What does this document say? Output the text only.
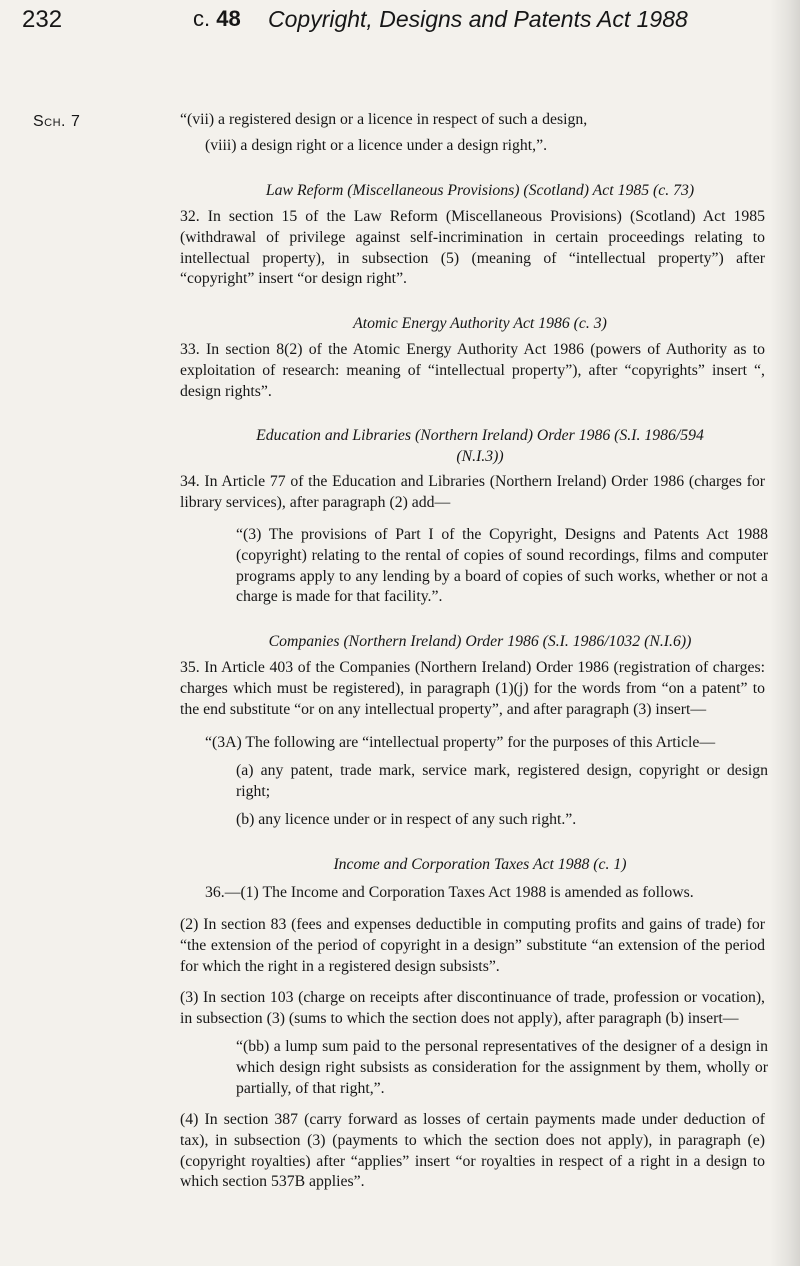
232	c. 48 Copyright, Designs and Patents Act 1988
Sch. 7	“(vii) a registered design or a licence in respect of such a design,

(viii) a design right or a licence under a design right,”.

Law Reform (Miscellaneous Provisions) (Scotland) Act 1985 (c. 73)

32. In section 15 of the Law Reform (Miscellaneous Provisions) (Scotland) Act 1985 (withdrawal of privilege against self-incrimination in certain proceedings relating to intellectual property), in subsection (5) (meaning of “intellectual property”) after “copyright” insert “or design right”.

Atomic Energy Authority Act 1986 (c. 3)

33. In section 8(2) of the Atomic Energy Authority Act 1986 (powers of Authority as to exploitation of research: meaning of “intellectual property”), after “copyrights” insert “, design rights”.

Education and Libraries (Northern Ireland) Order 1986 (S.I. 1986/594

(N.I.3))

34. In Article 77 of the Education and Libraries (Northern Ireland) Order 1986 (charges for library services), after paragraph (2) add—

“(3) The provisions of Part I of the Copyright, Designs and Patents Act 1988 (copyright) relating to the rental of copies of sound recordings, films and computer programs apply to any lending by a board of copies of such works, whether or not a charge is made for that facility.”.

Companies (Northern Ireland) Order 1986 (S.I. 1986/1032 (N.I.6))

35. In Article 403 of the Companies (Northern Ireland) Order 1986 (registration of charges: charges which must be registered), in paragraph (1)(j) for the words from “on a patent” to the end substitute “or on any intellectual property”, and after paragraph (3) insert—

“(3A) The following are “intellectual property” for the purposes of this Article—

(a) any patent, trade mark, service mark, registered design, copyright or design right;

(b) any licence under or in respect of any such right.”.

Income and Corporation Taxes Act 1988 (c. 1)

36.—(1) The Income and Corporation Taxes Act 1988 is amended as follows.

(2) In section 83 (fees and expenses deductible in computing profits and gains of trade) for “the extension of the period of copyright in a design” substitute “an extension of the period for which the right in a registered design subsists”.

(3) In section 103 (charge on receipts after discontinuance of trade, profession or vocation), in subsection (3) (sums to which the section does not apply), after paragraph (b) insert—

“(bb) a lump sum paid to the personal representatives of the designer of a design in which design right subsists as consideration for the assignment by them, wholly or partially, of that right,”.

(4) In section 387 (carry forward as losses of certain payments made under deduction of tax), in subsection (3) (payments to which the section does not apply), in paragraph (e) (copyright royalties) after “applies” insert “or royalties in respect of a right in a design to which section 537B applies”.
